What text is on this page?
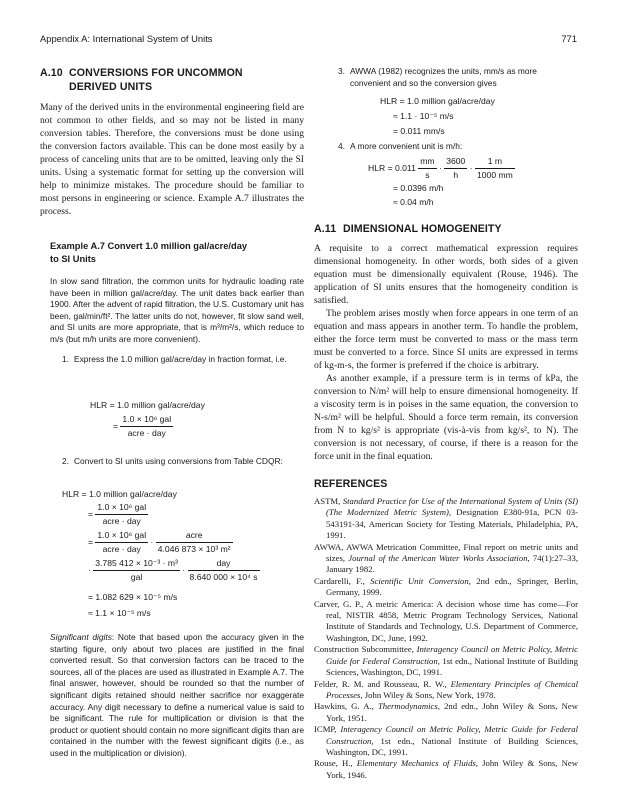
Appendix A: International System of Units	771
A.10 CONVERSIONS FOR UNCOMMON
DERIVED UNITS

Many of the derived units in the environmental engineering field are not common to other fields, and so may not be listed in many conversion tables. Therefore, the conversions must be done using the conversion factors available. This can be done most easily by a process of canceling units that are to be omitted, leaving only the SI units. Using a systematic format for setting up the conversion will help to minimize mistakes. The procedure should be familiar to most persons in engineering or science. Example A.7 illustrates the process.

Example A.7 Convert 1.0 million gal/acre/day

to SI Units

In slow sand filtration, the common units for hydraulic loading rate have been in million gal/acre/day. The unit dates back earlier than 1900. After the advent of rapid filtration, the U.S. Customary unit has been, gal/min/ft². The latter units do not, however, fit slow sand well, and SI units are more appropriate, that is m³/m²/s, which reduce to m/s (but m/h units are more convenient).

1. Express the 1.0 million gal/acre/day in fraction format, i.e.
HLR = 1.0 million gal/acre/day
= $\frac{\text{1.0 × 10⁶ gal}}{\text{acre · day}}$
2. Convert to SI units using conversions from Table CDQR:
HLR = 1.0 million gal/acre/day
= $\frac{\text{1.0 × 10⁶ gal}}{\text{acre · day}}$
= $\frac{\text{1.0 × 10⁶ gal}}{\text{acre · day}} \cdot \frac{\text{acre}}{\text{4.046 873 × 10³ m²}}$
· $\frac{\text{3.785 412 × 10⁻³ · m³}}{\text{gal}} \cdot \frac{\text{day}}{\text{8.640 000 × 10⁴ s}}$
= 1.082 629 × 10⁻⁵ m/s
≈ 1.1 × 10⁻⁵ m/s

Significant digits: Note that based upon the accuracy given in the starting figure, only about two places are justified in the final converted result. So that conversion factors can be traced to the sources, all of the places are used as illustrated in Example A.7. The final answer, however, should be rounded so that the number of significant digits retained should neither sacrifice nor exaggerate accuracy. Any digit necessary to define a numerical value is said to be significant. The rule for multiplication or division is that the product or quotient should contain no more significant digits than are contained in the number with the fewest significant digits (i.e., as used in the multiplication or division).

3. AWWA (1982) recognizes the units, mm/s as more convenient and so the conversion gives
HLR = 1.0 million gal/acre/day
≈ 1.1 · 10⁻⁵ m/s
= 0.011 mm/s
4. A more convenient unit is m/h:
HLR = $0.011 \frac{mm}{s} \cdot \frac{3600}{h} \cdot \frac{1 m}{1000 mm}$
= 0.0396 m/h
≈ 0.04 m/h
A.11 DIMENSIONAL HOMOGENEITY

A requisite to a correct mathematical expression requires dimensional homogeneity. In other words, both sides of a given equation must be dimensionally equivalent (Rouse, 1946). The application of SI units ensures that the homogeneity condition is satisfied.

The problem arises mostly when force appears in one term of an equation and mass appears in another term. To handle the problem, either the force term must be converted to mass or the mass term must be converted to a force. Since SI units are expressed in terms of kg-m-s, the former is preferred if the choice is arbitrary.

As another example, if a pressure term is in terms of kPa, the conversion to N/m² will help to ensure dimensional homogeneity. If a viscosity term is in poises in the same equation, the conversion to N-s/m² will be helpful. Should a force term remain, its conversion from N to kg/s² is appropriate (vis-à-vis from kg/s², to N). The conversion is not necessary, of course, if there is a reason for the force unit in the final equation.

REFERENCES

ASTM, Standard Practice for Use of the International System of Units (SI) (The Modernized Metric System), Designation E380-91a, PCN 03-543191-34, American Society for Testing Materials, Philadelphia, PA, 1991.

AWWA, AWWA Metrication Committee, Final report on metric units and sizes, Journal of the American Water Works Association, 74(1):27–33, January 1982.

Cardarelli, F., Scientific Unit Conversion, 2nd edn., Springer, Berlin, Germany, 1999.

Carver, G. P., A metric America: A decision whose time has come—For real, NISTIR 4858, Metric Program Technology Services, National Institute of Standards and Technology, U.S. Department of Commerce, Washington, DC, June, 1992.

Construction Subcommittee, Interagency Council on Metric Policy, Metric Guide for Federal Construction, 1st edn., National Institute of Building Sciences, Washington, DC, 1991.

Felder, R. M. and Rousseau, R. W., Elementary Principles of Chemical Processes, John Wiley & Sons, New York, 1978.

Hawkins, G. A., Thermodynamics, 2nd edn., John Wiley & Sons, New York, 1951.

ICMP, Interagency Council on Metric Policy, Metric Guide for Federal Construction, 1st edn., National Institute of Building Sciences, Washington, DC, 1991.

Rouse, H., Elementary Mechanics of Fluids, John Wiley & Sons, New York, 1946.
